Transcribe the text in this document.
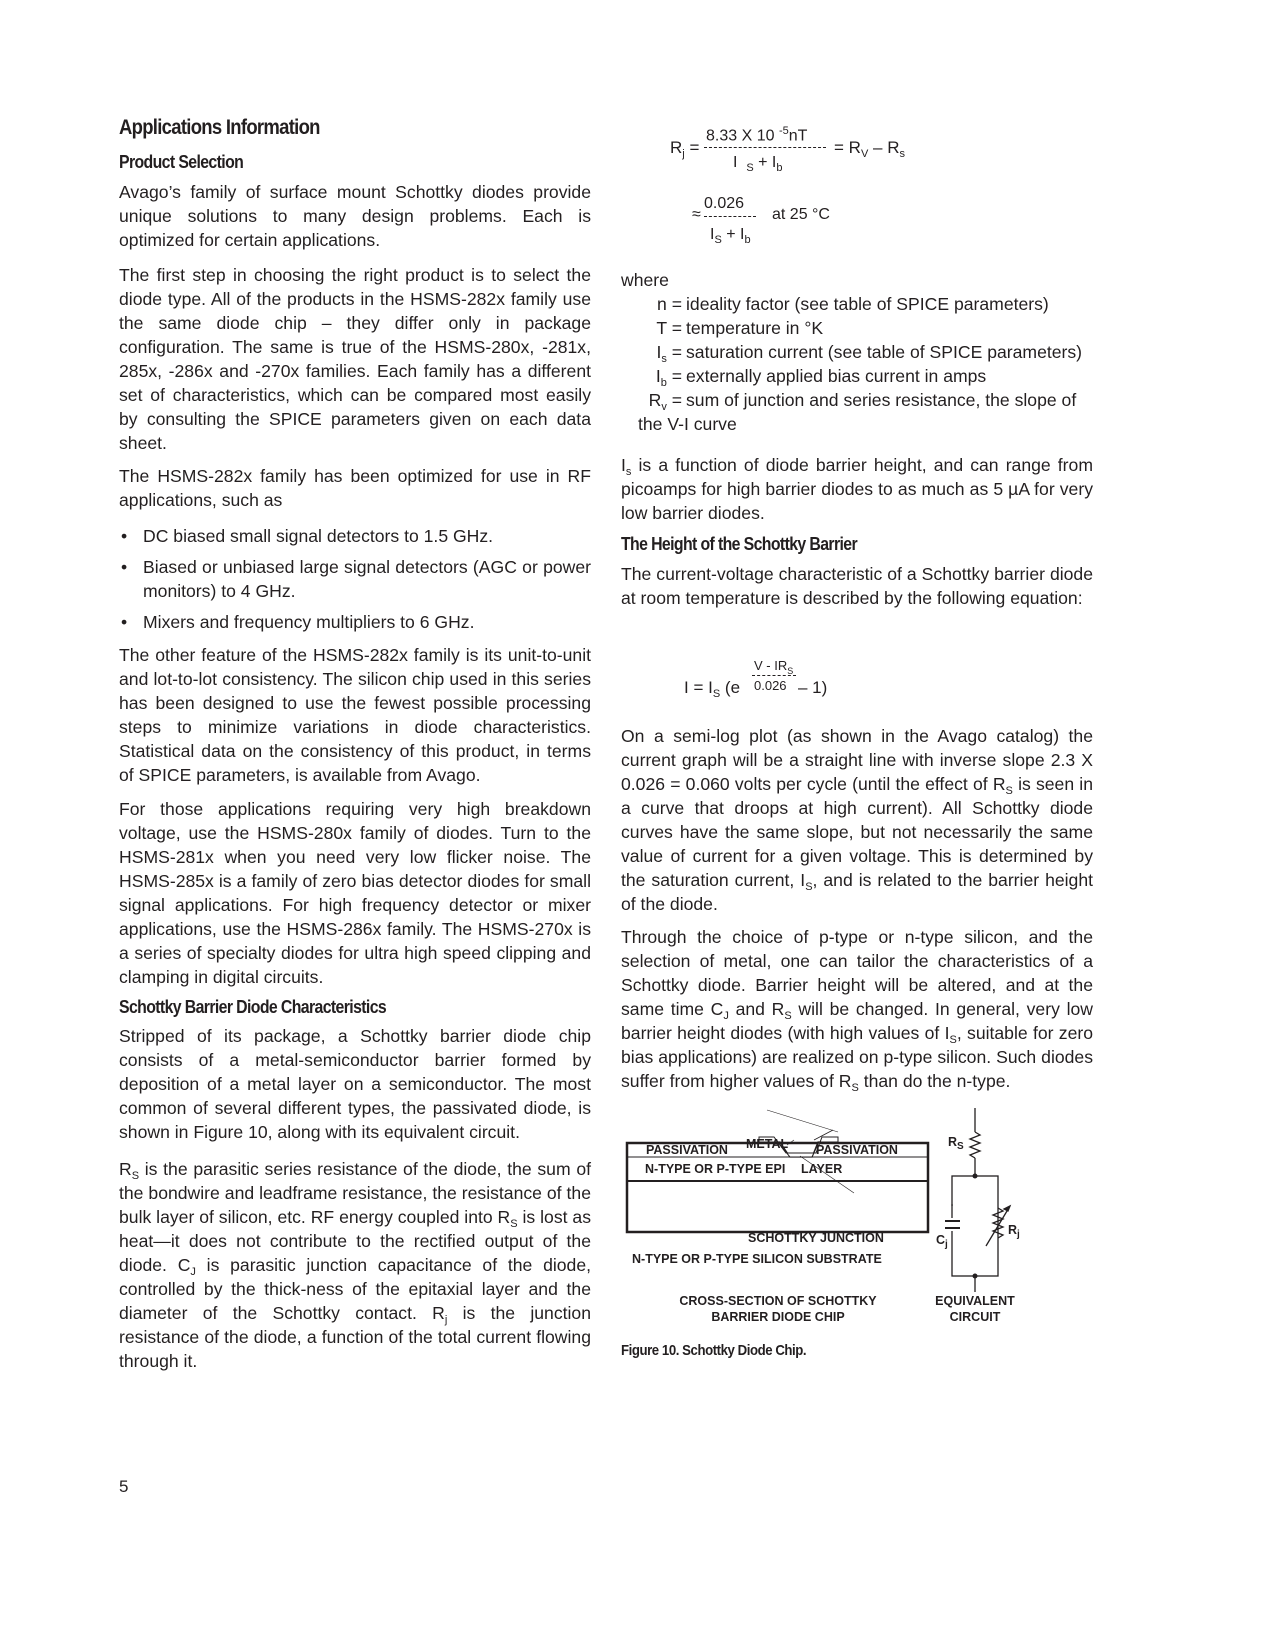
Applications Information
Product Selection
Avago’s family of surface mount Schottky diodes provide unique solutions to many design problems. Each is optimized for certain applications.
The first step in choosing the right product is to select the diode type. All of the products in the HSMS-282x family use the same diode chip – they differ only in package configuration. The same is true of the HSMS-280x, -281x, 285x, -286x and -270x families. Each family has a different set of characteristics, which can be compared most easily by consulting the SPICE parameters given on each data sheet.
The HSMS-282x family has been optimized for use in RF applications, such as
• DC biased small signal detectors to 1.5 GHz.
• Biased or unbiased large signal detectors (AGC or power monitors) to 4 GHz.
• Mixers and frequency multipliers to 6 GHz.
The other feature of the HSMS-282x family is its unit-to-unit and lot-to-lot consistency. The silicon chip used in this series has been designed to use the fewest possible processing steps to minimize variations in diode characteristics. Statistical data on the consistency of this product, in terms of SPICE parameters, is available from Avago.
For those applications requiring very high breakdown voltage, use the HSMS-280x family of diodes. Turn to the HSMS-281x when you need very low flicker noise. The HSMS-285x is a family of zero bias detector diodes for small signal applications. For high frequency detector or mixer applications, use the HSMS-286x family. The HSMS-270x is a series of specialty diodes for ultra high speed clipping and clamping in digital circuits.
Schottky Barrier Diode Characteristics
Stripped of its package, a Schottky barrier diode chip consists of a metal-semiconductor barrier formed by deposition of a metal layer on a semiconductor. The most common of several different types, the passivated diode, is shown in Figure 10, along with its equivalent circuit.
$R_S$ is the parasitic series resistance of the diode, the sum of the bondwire and leadframe resistance, the resistance of the bulk layer of silicon, etc. RF energy coupled into $R_S$ is lost as heat—it does not contribute to the rectified output of the diode. $C_J$ is parasitic junction capacitance of the diode, controlled by the thick-ness of the epitaxial layer and the diameter of the Schottky contact. $R_j$ is the junction resistance of the diode, a function of the total current flowing through it.
5
$R_j$ =
8.33 X 10 $^{-5}$nT
I $_S + I_b$
= $R_V - R_s$
≈
0.026
$I_S + I_b$
at 25 °C
where
n = ideality factor (see table of SPICE parameters)
T = temperature in °K
$I_s$ = saturation current (see table of SPICE parameters)
$I_b$ = externally applied bias current in amps
$R_v$ = sum of junction and series resistance, the slope of
the V-I curve
$I_s$ is a function of diode barrier height, and can range from picoamps for high barrier diodes to as much as 5 µA for very low barrier diodes.
The Height of the Schottky Barrier
The current-voltage characteristic of a Schottky barrier diode at room temperature is described by the following equation:
$I = I_S$ (e
V - $IR_S$
0.026 – 1)
On a semi-log plot (as shown in the Avago catalog) the current graph will be a straight line with inverse slope 2.3 X 0.026 = 0.060 volts per cycle (until the effect of $R_S$ is seen in a curve that droops at high current). All Schottky diode curves have the same slope, but not necessarily the same value of current for a given voltage. This is determined by the saturation current, $I_S$, and is related to the barrier height of the diode.
Through the choice of p-type or n-type silicon, and the selection of metal, one can tailor the characteristics of a Schottky diode. Barrier height will be altered, and at the same time $C_J$ and $R_S$ will be changed. In general, very low barrier height diodes (with high values of $I_S$, suitable for zero bias applications) are realized on p-type silicon. Such diodes suffer from higher values of $R_S$ than do the n-type.
METAL
PASSIVATION	PASSIVATION
N-TYPE OR P-TYPE EPI LAYER
SCHOTTKY JUNCTION
N-TYPE OR P-TYPE SILICON SUBSTRATE
CROSS-SECTION OF SCHOTTKY
BARRIER DIODE CHIP
$R_S$
$C_j$
$R_j$
EQUIVALENT
CIRCUIT
Figure 10. Schottky Diode Chip.
